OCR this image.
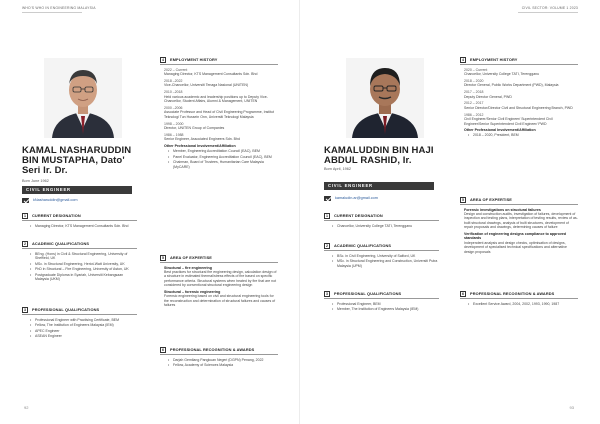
WHO'S WHO IN ENGINEERING MALAYSIA
KAMAL NASHARUDDIN BIN MUSTAPHA, Dato' Seri Ir. Dr.
Born June 1962
CIVIL ENGINEER
kNasharuddin@gmail.com
1	CURRENT DESIGNATION
• Managing Director, KTS Management Consultants Sdn. Bhd
2	ACADEMIC QUALIFICATIONS
• BEng. (Hons) in Civil & Structural Engineering, University of Sheffield, UK
• MSc. in Structural Engineering, Heriot-Watt University, UK
• PhD in Structural – Fire Engineering, University of Aston, UK
• Postgraduate Diploma in Syariah, Universiti Kebangsaan Malaysia (UKM)
3	PROFESSIONAL QUALIFICATIONS
• Professional Engineer with Practising Certificate, BEM
• Fellow, The Institution of Engineers Malaysia (IEM)
• APEC Engineer
• ASEAN Engineer
4	EMPLOYMENT HISTORY
2022 – Current
Managing Director, KTS Management Consultants Sdn. Bhd
2018 –2022
Vice-Chancellor, Universiti Tenaga Nasional (UNITEN)
2010 –2018
Held various academic and leadership positions up to Deputy Vice-Chancellor, Student Affairs, Alumni & Management, UNITEN
2000 –2006
Associate Professor and Head of Civil Engineering Programme, Institut Teknologi Tun Hussein Onn, Universiti Teknologi Malaysia
1998 – 2000
Director, UNITEN Group of Companies
1986 – 1988
Senior Engineer, Associated Engineers Sdn. Bhd
Other Professional Involvement/Affiliation
• Member, Engineering Accreditation Council (EAC), BEM
• Panel Evaluator, Engineering Accreditation Council (EAC), BEM
• Chairman, Board of Trustees, Humanitarian Care Malaysia (MyCARE)
5	AREA OF EXPERTISE
Structural – fire engineering
Best practices for structural fire engineering design, calculation design of a structure in estimated thermal/stress effects of fire based on specific performance criteria. Structural systems when heated by fire that are not considered by conventional structural engineering design
Structural – forensic engineering
Forensic engineering based on civil and structural engineering tools for the reconstruction and determination of structural failures and causes of failures
6	PROFESSIONAL RECOGNITION & AWARDS
• Darjah Gemilang Pangkuan Negeri (DGPN) Penang, 2022
• Fellow, Academy of Sciences Malaysia
92
CIVIL SECTOR: VOLUME 1 2023
KAMALUDDIN BIN HAJI ABDUL RASHID, Ir.
Born April, 1962
CIVIL ENGINEER
kamaludin.ar@gmail.com
1	CURRENT DESIGNATION
• Chancellor, University College TATI, Terengganu
2	ACADEMIC QUALIFICATIONS
• BSc. in Civil Engineering, University of Salford, UK
• MSc. in Structural Engineering and Construction, Universiti Putra Malaysia (UPM)
3	PROFESSIONAL QUALIFICATIONS
• Professional Engineer, BEM
• Member, The Institution of Engineers Malaysia (IEM)
4	EMPLOYMENT HISTORY
2020 – Current
Chancellor, University College TATI, Terengganu
2018 – 2020
Director General, Public Works Department (PWD), Malaysia
2017 – 2018
Deputy Director General, PWD
2012 – 2017
Senior Director/Director Civil and Structural Engineering Branch, PWD
1986 – 2012
Civil Engineer/Senior Civil Engineer/ Superintendent Civil Engineer/Senior Superintendent Civil Engineer/ PWD
Other Professional Involvement/Affiliation
• 2018 – 2020, President, BEM
5	AREA OF EXPERTISE
Forensic investigations on structural failures
Design and construction audits, investigation of failures, development of inspection and testing plans, interpretation of testing results, review of as-built structural drawings, analysis of built structures, development of repair proposals and drawings, determining causes of failure
Verification of engineering designs compliance to approved standards
Independent analysis and design checks, optimisation of designs, development of specialised technical specifications and alternative design proposals
6	PROFESSIONAL RECOGNITION & AWARDS
• Excellent Service Award, 2004, 2002, 1993, 1990, 1987
93
